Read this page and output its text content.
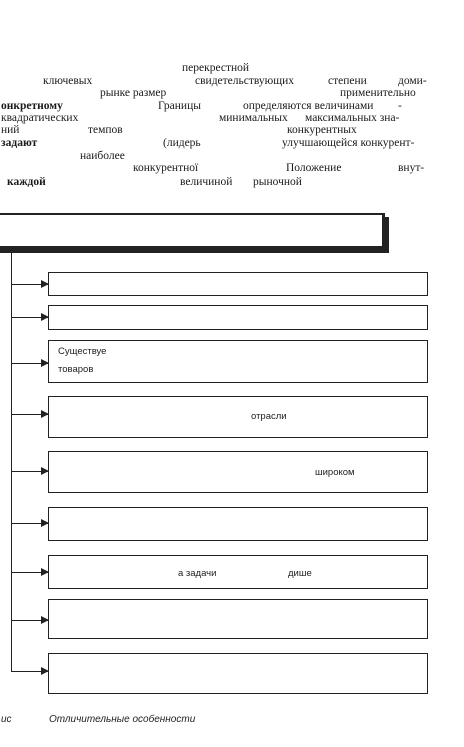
перекрестной
ключевых	свидетельствующих	степени	доми-
рынке размер	применительно
онкретному	Границы	определяются величинами -
квадратических	минимальных максимальных зна-
ний	темпов	конкурентных
задают	(лидерь	улучшающейся конкурент-
наиболее
конкурентної	Положение	внут-
каждой	величиной рыночной
Существуе
товаров
отрасли
широком
а задачи	дише
ис	Отличительные особенности
